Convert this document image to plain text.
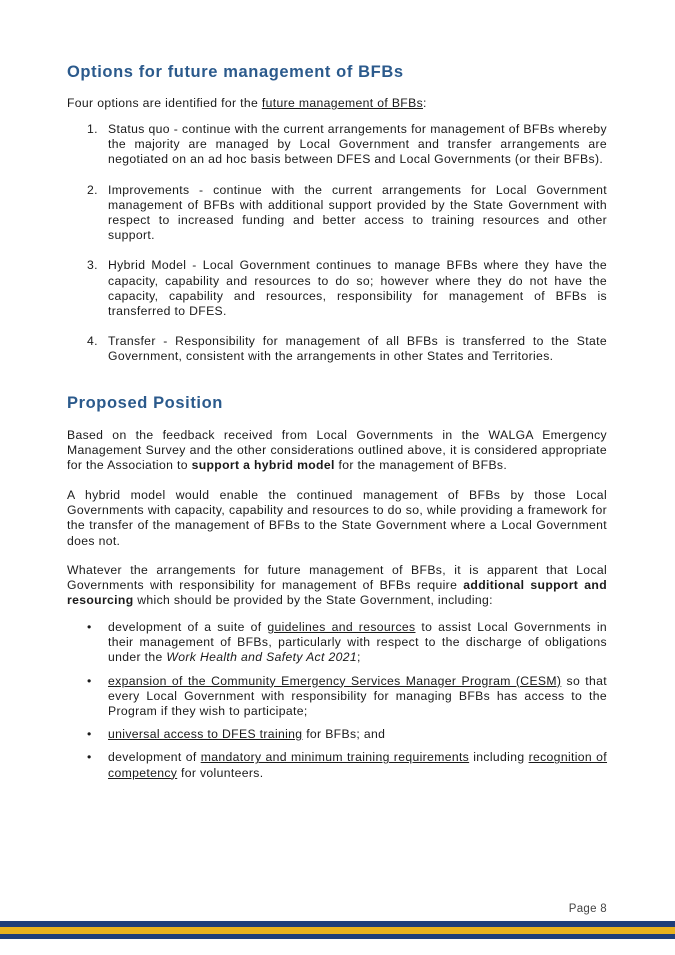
Options for future management of BFBs

Four options are identified for the future management of BFBs:

1. Status quo - continue with the current arrangements for management of BFBs whereby the majority are managed by Local Government and transfer arrangements are negotiated on an ad hoc basis between DFES and Local Governments (or their BFBs).
2. Improvements - continue with the current arrangements for Local Government management of BFBs with additional support provided by the State Government with respect to increased funding and better access to training resources and other support.
3. Hybrid Model - Local Government continues to manage BFBs where they have the capacity, capability and resources to do so; however where they do not have the capacity, capability and resources, responsibility for management of BFBs is transferred to DFES.
4. Transfer - Responsibility for management of all BFBs is transferred to the State Government, consistent with the arrangements in other States and Territories.
Proposed Position

Based on the feedback received from Local Governments in the WALGA Emergency Management Survey and the other considerations outlined above, it is considered appropriate for the Association to support a hybrid model for the management of BFBs.

A hybrid model would enable the continued management of BFBs by those Local Governments with capacity, capability and resources to do so, while providing a framework for the transfer of the management of BFBs to the State Government where a Local Government does not.

Whatever the arrangements for future management of BFBs, it is apparent that Local Governments with responsibility for management of BFBs require additional support and resourcing which should be provided by the State Government, including:

• development of a suite of guidelines and resources to assist Local Governments in their management of BFBs, particularly with respect to the discharge of obligations under the Work Health and Safety Act 2021;
• expansion of the Community Emergency Services Manager Program (CESM) so that every Local Government with responsibility for managing BFBs has access to the Program if they wish to participate;
• universal access to DFES training for BFBs; and
• development of mandatory and minimum training requirements including recognition of competency for volunteers.
Page 8
